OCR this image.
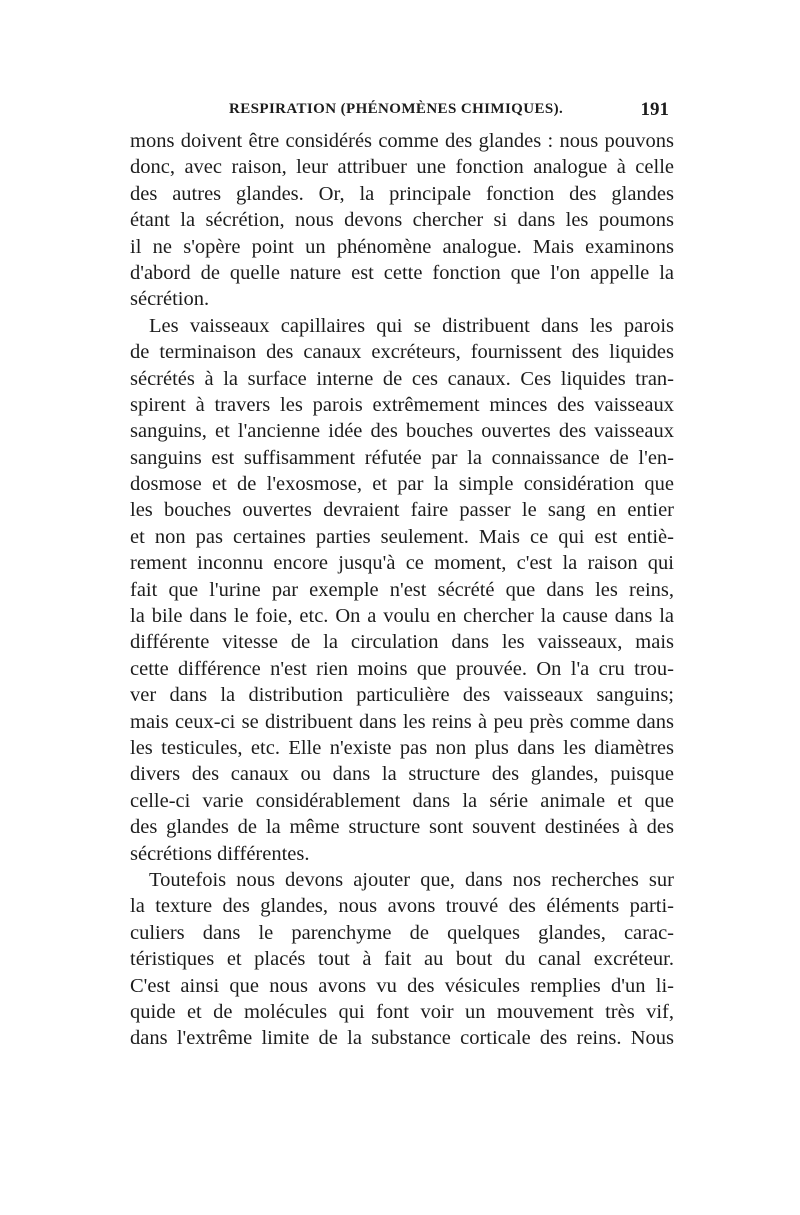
RESPIRATION (PHÉNOMÈNES CHIMIQUES).	191
mons doivent être considérés comme des glandes : nous pouvons
donc, avec raison, leur attribuer une fonction analogue à celle
des autres glandes. Or, la principale fonction des glandes
étant la sécrétion, nous devons chercher si dans les poumons
il ne s'opère point un phénomène analogue. Mais examinons
d'abord de quelle nature est cette fonction que l'on appelle la
sécrétion.
Les vaisseaux capillaires qui se distribuent dans les parois
de terminaison des canaux excréteurs, fournissent des liquides
sécrétés à la surface interne de ces canaux. Ces liquides tran-
spirent à travers les parois extrêmement minces des vaisseaux
sanguins, et l'ancienne idée des bouches ouvertes des vaisseaux
sanguins est suffisamment réfutée par la connaissance de l'en-
dosmose et de l'exosmose, et par la simple considération que
les bouches ouvertes devraient faire passer le sang en entier
et non pas certaines parties seulement. Mais ce qui est entiè-
rement inconnu encore jusqu'à ce moment, c'est la raison qui
fait que l'urine par exemple n'est sécrété que dans les reins,
la bile dans le foie, etc. On a voulu en chercher la cause dans la
différente vitesse de la circulation dans les vaisseaux, mais
cette différence n'est rien moins que prouvée. On l'a cru trou-
ver dans la distribution particulière des vaisseaux sanguins;
mais ceux-ci se distribuent dans les reins à peu près comme dans
les testicules, etc. Elle n'existe pas non plus dans les diamètres
divers des canaux ou dans la structure des glandes, puisque
celle-ci varie considérablement dans la série animale et que
des glandes de la même structure sont souvent destinées à des
sécrétions différentes.
Toutefois nous devons ajouter que, dans nos recherches sur
la texture des glandes, nous avons trouvé des éléments parti-
culiers dans le parenchyme de quelques glandes, carac-
téristiques et placés tout à fait au bout du canal excréteur.
C'est ainsi que nous avons vu des vésicules remplies d'un li-
quide et de molécules qui font voir un mouvement très vif,
dans l'extrême limite de la substance corticale des reins. Nous
